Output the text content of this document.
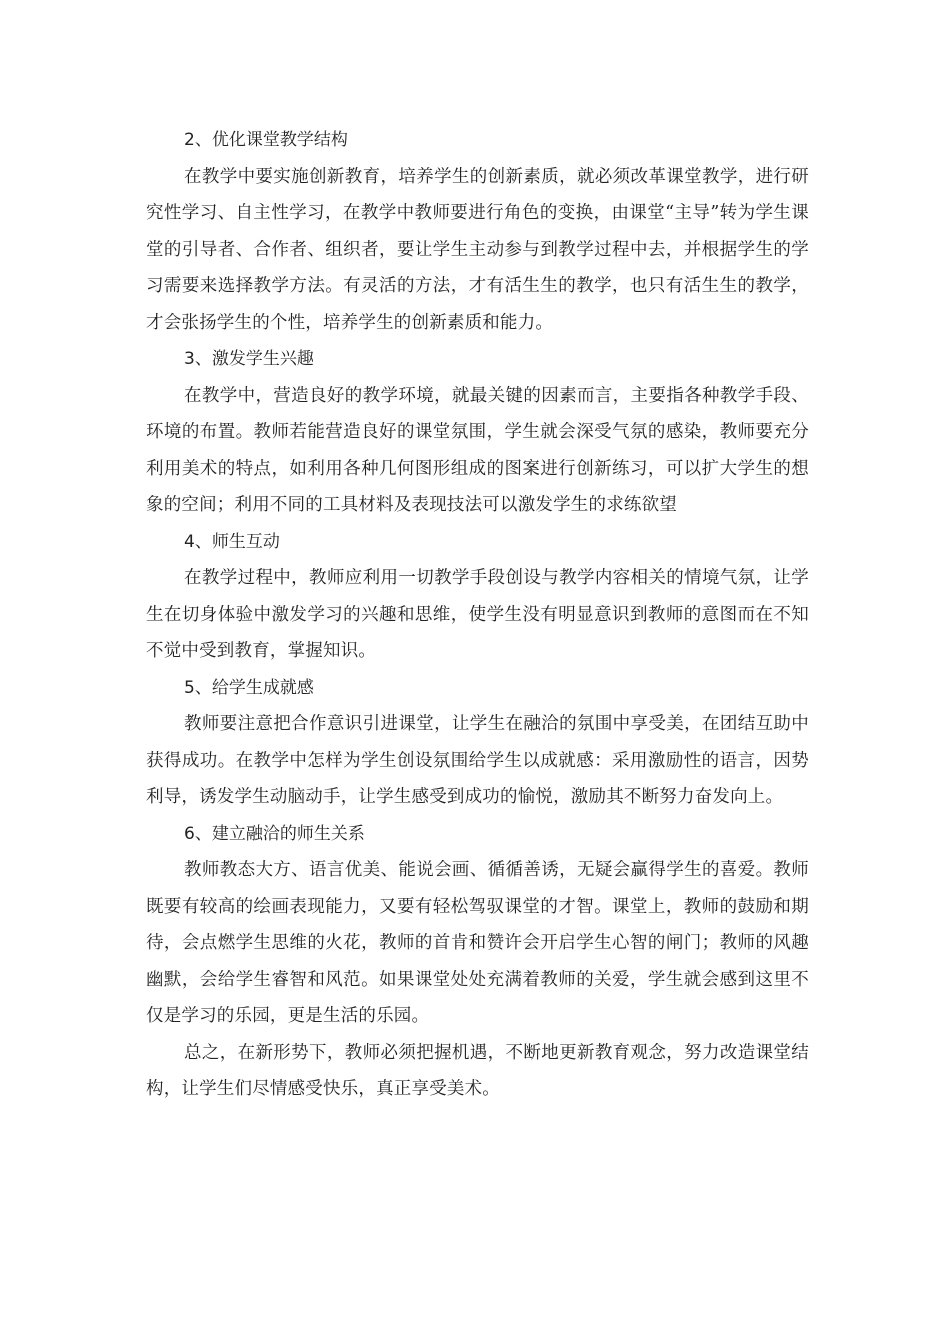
2、优化课堂教学结构

在教学中要实施创新教育，培养学生的创新素质，就必须改革课堂教学，进行研究性学习、自主性学习，在教学中教师要进行角色的变换，由课堂“主导”转为学生课堂的引导者、合作者、组织者，要让学生主动参与到教学过程中去，并根据学生的学习需要来选择教学方法。有灵活的方法，才有活生生的教学，也只有活生生的教学，才会张扬学生的个性，培养学生的创新素质和能力。

3、激发学生兴趣

在教学中，营造良好的教学环境，就最关键的因素而言，主要指各种教学手段、环境的布置。教师若能营造良好的课堂氛围，学生就会深受气氛的感染，教师要充分利用美术的特点，如利用各种几何图形组成的图案进行创新练习，可以扩大学生的想象的空间；利用不同的工具材料及表现技法可以激发学生的求练欲望

4、师生互动

在教学过程中，教师应利用一切教学手段创设与教学内容相关的情境气氛，让学生在切身体验中激发学习的兴趣和思维，使学生没有明显意识到教师的意图而在不知不觉中受到教育，掌握知识。

5、给学生成就感

教师要注意把合作意识引进课堂，让学生在融洽的氛围中享受美，在团结互助中获得成功。在教学中怎样为学生创设氛围给学生以成就感：采用激励性的语言，因势利导，诱发学生动脑动手，让学生感受到成功的愉悦，激励其不断努力奋发向上。

6、建立融洽的师生关系

教师教态大方、语言优美、能说会画、循循善诱，无疑会赢得学生的喜爱。教师既要有较高的绘画表现能力，又要有轻松驾驭课堂的才智。课堂上，教师的鼓励和期待，会点燃学生思维的火花，教师的首肯和赞许会开启学生心智的闸门；教师的风趣幽默，会给学生睿智和风范。如果课堂处处充满着教师的关爱，学生就会感到这里不仅是学习的乐园，更是生活的乐园。

总之，在新形势下，教师必须把握机遇，不断地更新教育观念，努力改造课堂结构，让学生们尽情感受快乐，真正享受美术。
